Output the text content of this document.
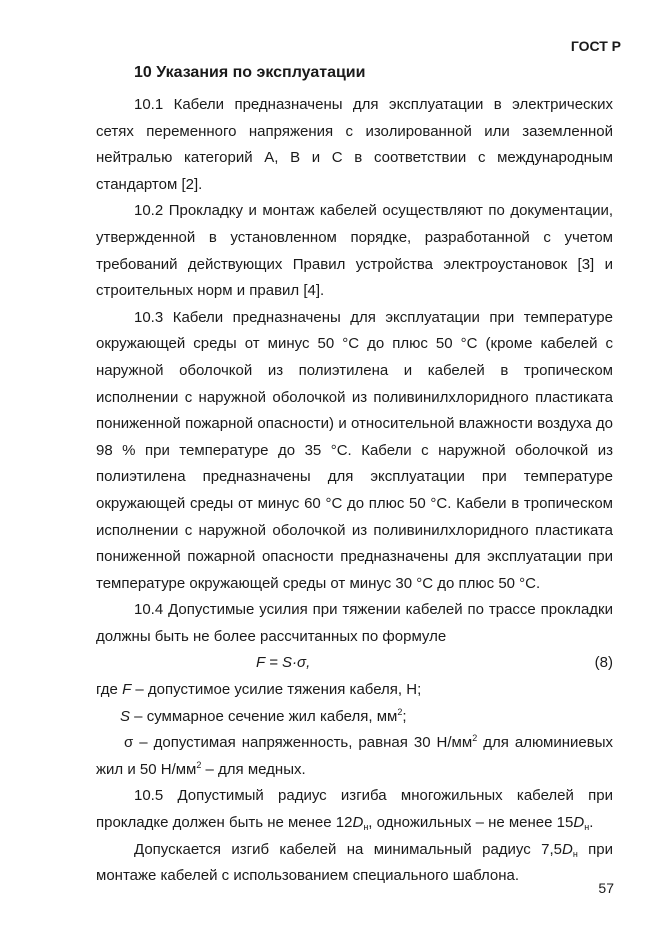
ГОСТ Р
10 Указания по эксплуатации

10.1 Кабели предназначены для эксплуатации в электрических сетях переменного напряжения с изолированной или заземленной нейтралью категорий А, В и С в соответствии с международным стандартом [2].

10.2 Прокладку и монтаж кабелей осуществляют по документации, утвержденной в установленном порядке, разработанной с учетом требований действующих Правил устройства электроустановок [3] и строительных норм и правил [4].

10.3 Кабели предназначены для эксплуатации при температуре окружающей среды от минус 50 °С до плюс 50 °С (кроме кабелей с наружной оболочкой из полиэтилена и кабелей в тропическом исполнении с наружной оболочкой из поливинилхлоридного пластиката пониженной пожарной опасности) и относительной влажности воздуха до 98 % при температуре до 35 °С. Кабели с наружной оболочкой из полиэтилена предназначены для эксплуатации при температуре окружающей среды от минус 60 °С до плюс 50 °С. Кабели в тропическом исполнении с наружной оболочкой из поливинилхлоридного пластиката пониженной пожарной опасности предназначены для эксплуатации при температуре окружающей среды от минус 30 °С до плюс 50 °С.

10.4 Допустимые усилия при тяжении кабелей по трассе прокладки должны быть не более рассчитанных по формуле

F = S·σ,	(8)

где F – допустимое усилие тяжения кабеля, Н;

S – суммарное сечение жил кабеля, $мм^2$;

σ – допустимая напряженность, равная 30 $Н/мм^2$ для алюминиевых жил и 50 $Н/мм^2$ – для медных.

10.5 Допустимый радиус изгиба многожильных кабелей при прокладке должен быть не менее $12D_н$, одножильных – не менее $15D_н$.

Допускается изгиб кабелей на минимальный радиус $7,5D_н$ при монтаже кабелей с использованием специального шаблона.

57
